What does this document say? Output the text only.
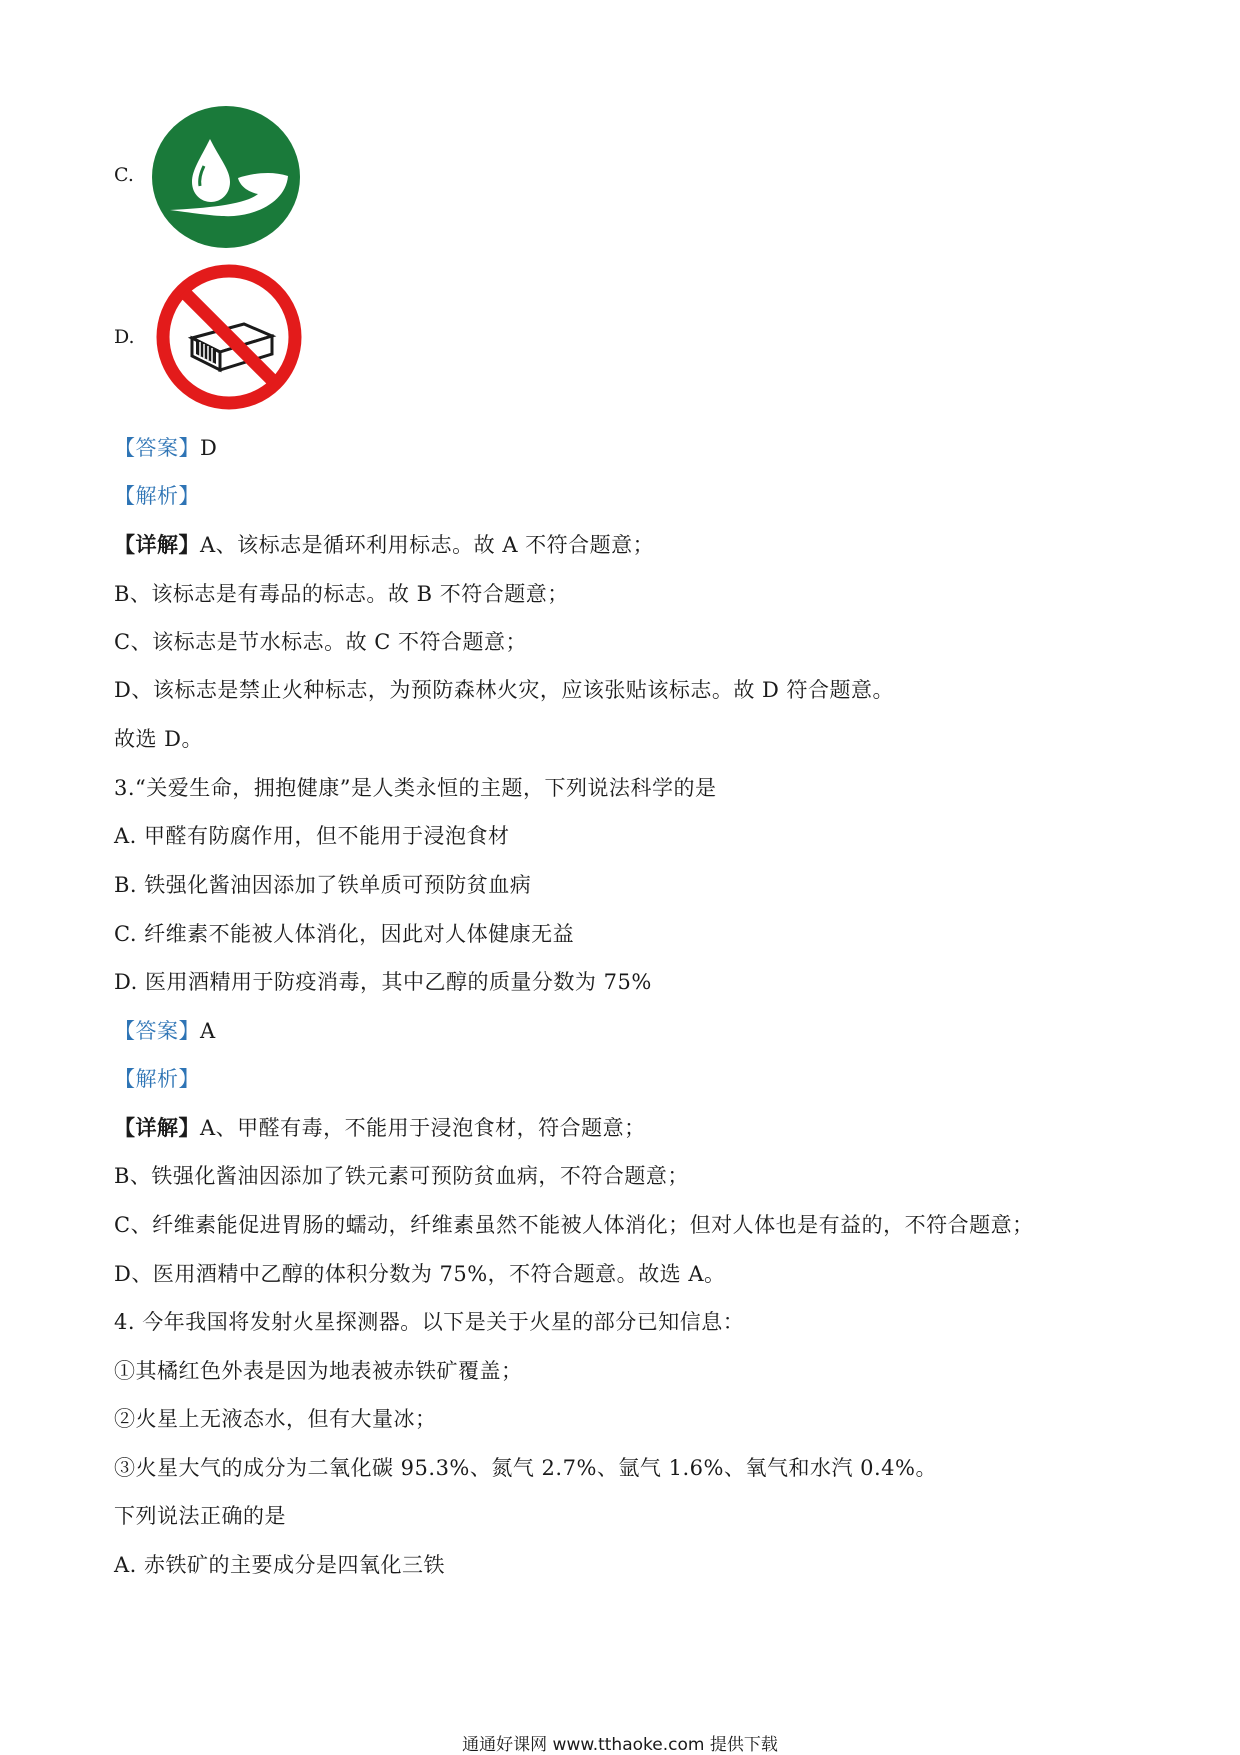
C.
D.
【答案】D
【解析】
【详解】A、该标志是循环利用标志。故 A 不符合题意；
B、该标志是有毒品的标志。故 B 不符合题意；
C、该标志是节水标志。故 C 不符合题意；
D、该标志是禁止火种标志，为预防森林火灾，应该张贴该标志。故 D 符合题意。
故选 D。
3.“关爱生命，拥抱健康”是人类永恒的主题，下列说法科学的是
A. 甲醛有防腐作用，但不能用于浸泡食材
B. 铁强化酱油因添加了铁单质可预防贫血病
C. 纤维素不能被人体消化，因此对人体健康无益
D. 医用酒精用于防疫消毒，其中乙醇的质量分数为 75%
【答案】A
【解析】
【详解】A、甲醛有毒，不能用于浸泡食材，符合题意；
B、铁强化酱油因添加了铁元素可预防贫血病，不符合题意；
C、纤维素能促进胃肠的蠕动，纤维素虽然不能被人体消化；但对人体也是有益的，不符合题意；
D、医用酒精中乙醇的体积分数为 75%，不符合题意。故选 A。
4. 今年我国将发射火星探测器。以下是关于火星的部分已知信息：
①其橘红色外表是因为地表被赤铁矿覆盖；
②火星上无液态水，但有大量冰；
③火星大气的成分为二氧化碳 95.3%、氮气 2.7%、氩气 1.6%、氧气和水汽 0.4%。
下列说法正确的是
A. 赤铁矿的主要成分是四氧化三铁
通通好课网 www.tthaoke.com 提供下载
